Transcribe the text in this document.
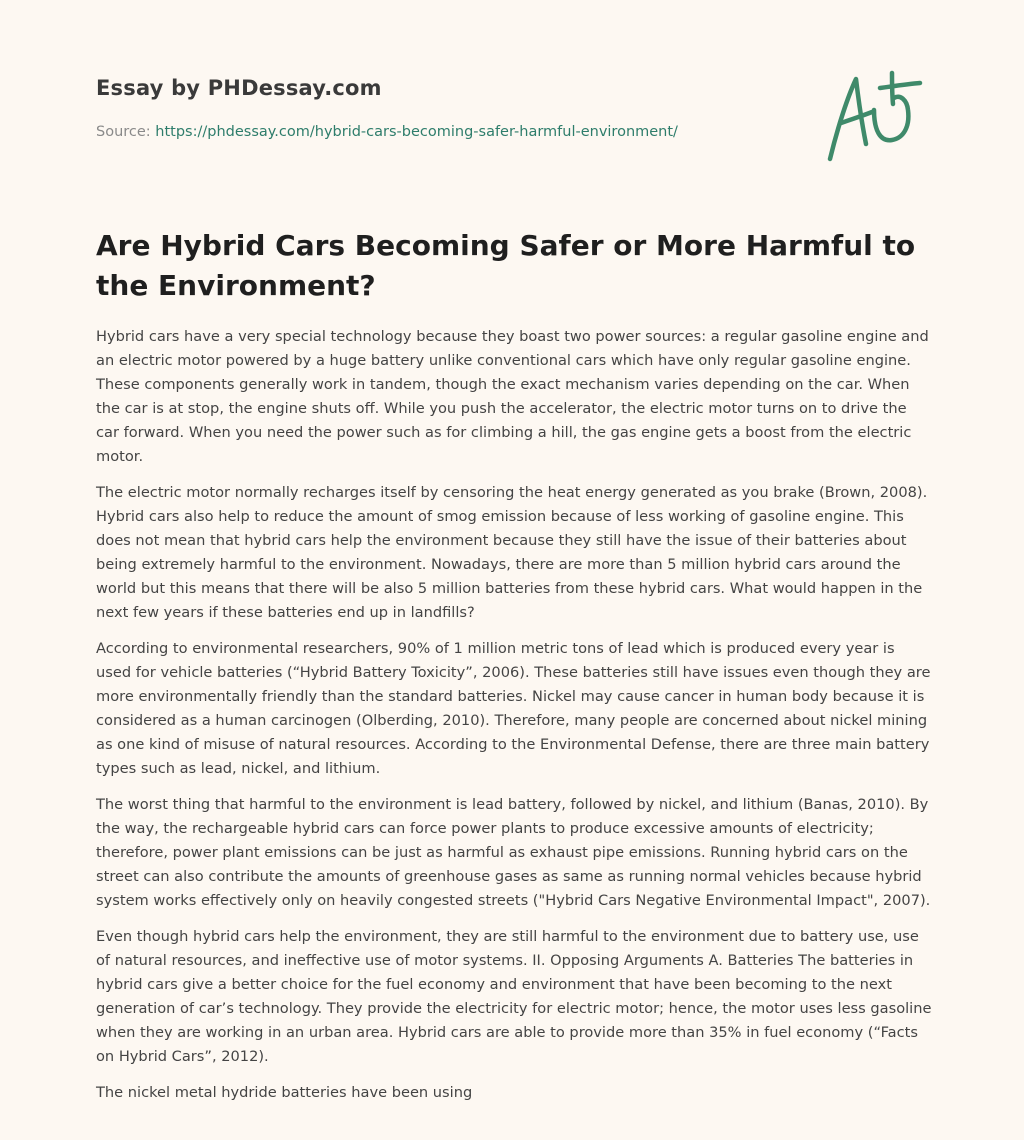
Essay by PHDessay.com
Source: https://phdessay.com/hybrid-cars-becoming-safer-harmful-environment/
Are Hybrid Cars Becoming Safer or More Harmful to the Environment?

Hybrid cars have a very special technology because they boast two power sources: a regular gasoline engine and an electric motor powered by a huge battery unlike conventional cars which have only regular gasoline engine. These components generally work in tandem, though the exact mechanism varies depending on the car. When the car is at stop, the engine shuts off. While you push the accelerator, the electric motor turns on to drive the car forward. When you need the power such as for climbing a hill, the gas engine gets a boost from the electric motor.

The electric motor normally recharges itself by censoring the heat energy generated as you brake (Brown, 2008). Hybrid cars also help to reduce the amount of smog emission because of less working of gasoline engine. This does not mean that hybrid cars help the environment because they still have the issue of their batteries about being extremely harmful to the environment. Nowadays, there are more than 5 million hybrid cars around the world but this means that there will be also 5 million batteries from these hybrid cars. What would happen in the next few years if these batteries end up in landfills?

According to environmental researchers, 90% of 1 million metric tons of lead which is produced every year is used for vehicle batteries (“Hybrid Battery Toxicity”, 2006). These batteries still have issues even though they are more environmentally friendly than the standard batteries. Nickel may cause cancer in human body because it is considered as a human carcinogen (Olberding, 2010). Therefore, many people are concerned about nickel mining as one kind of misuse of natural resources. According to the Environmental Defense, there are three main battery types such as lead, nickel, and lithium.

The worst thing that harmful to the environment is lead battery, followed by nickel, and lithium (Banas, 2010). By the way, the rechargeable hybrid cars can force power plants to produce excessive amounts of electricity; therefore, power plant emissions can be just as harmful as exhaust pipe emissions. Running hybrid cars on the street can also contribute the amounts of greenhouse gases as same as running normal vehicles because hybrid system works effectively only on heavily congested streets ("Hybrid Cars Negative Environmental Impact", 2007).

Even though hybrid cars help the environment, they are still harmful to the environment due to battery use, use of natural resources, and ineffective use of motor systems. II. Opposing Arguments A. Batteries The batteries in hybrid cars give a better choice for the fuel economy and environment that have been becoming to the next generation of car’s technology. They provide the electricity for electric motor; hence, the motor uses less gasoline when they are working in an urban area. Hybrid cars are able to provide more than 35% in fuel economy (“Facts on Hybrid Cars”, 2012).

The nickel metal hydride batteries have been using
